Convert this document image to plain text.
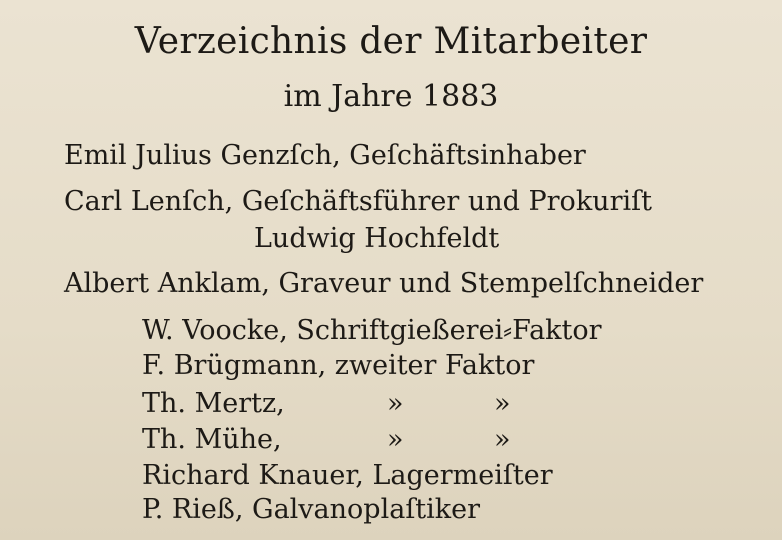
Verzeichnis der Mitarbeiter
im Jahre 1883
Emil Julius Genzſch, Geſchäftsinhaber
Carl Lenſch, Geſchäftsführer und Prokuriſt
Ludwig Hochfeldt
Albert Anklam, Graveur und Stempelſchneider
W. Voocke, Schriftgießerei⸗Faktor
F. Brügmann, zweiter Faktor
Th. Mertz,	»	»
Th. Mühe,	»	»
Richard Knauer, Lagermeiſter
P. Rieß, Galvanoplaſtiker
